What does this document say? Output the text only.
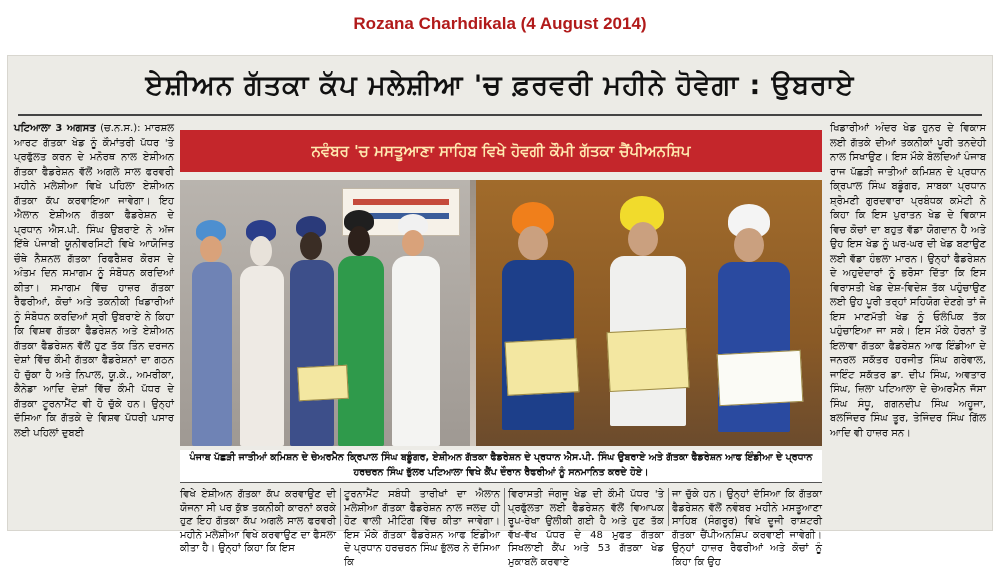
Rozana Charhdikala (4 August 2014)
ਏਸ਼ੀਅਨ ਗੱਤਕਾ ਕੱਪ ਮਲੇਸ਼ੀਆ 'ਚ ਫ਼ਰਵਰੀ ਮਹੀਨੇ ਹੋਵੇਗਾ : ਉਬਰਾਏ
ਪਟਿਆਲਾ 3 ਅਗਸਤ (ਚ.ਨ.ਸ.): ਮਾਰਸ਼ਲ ਆਰਟ ਗੱਤਕਾ ਖੇਡ ਨੂੰ ਕੌਮਾਂਤਰੀ ਪੱਧਰ 'ਤੇ ਪ੍ਰਫੁੱਲਤ ਕਰਨ ਦੇ ਮਨੋਰਥ ਨਾਲ ਏਸ਼ੀਅਨ ਗੱਤਕਾ ਫੈਡਰੇਸ਼ਨ ਵੱਲੋਂ ਅਗਲੇ ਸਾਲ ਫਰਵਰੀ ਮਹੀਨੇ ਮਲੇਸ਼ੀਆ ਵਿਖੇ ਪਹਿਲਾ ਏਸ਼ੀਅਨ ਗੱਤਕਾ ਕੱਪ ਕਰਵਾਇਆ ਜਾਵੇਗਾ। ਇਹ ਐਲਾਨ ਏਸ਼ੀਅਨ ਗੱਤਕਾ ਫੈਡਰੇਸ਼ਨ ਦੇ ਪ੍ਰਧਾਨ ਐਸ.ਪੀ. ਸਿੰਘ ਉਬਰਾਏ ਨੇ ਅੱਜ ਇੱਥੇ ਪੰਜਾਬੀ ਯੂਨੀਵਰਸਿਟੀ ਵਿਖੇ ਆਯੋਜਿਤ ਚੌਥੇ ਨੈਸ਼ਨਲ ਗੱਤਕਾ ਰਿਫਰੈਸ਼ਰ ਕੋਰਸ ਦੇ ਅੰਤਮ ਦਿਨ ਸਮਾਗਮ ਨੂੰ ਸੰਬੋਧਨ ਕਰਦਿਆਂ ਕੀਤਾ। ਸਮਾਗਮ ਵਿੱਚ ਹਾਜ਼ਰ ਗੱਤਕਾ ਰੈਫਰੀਆਂ, ਕੋਚਾਂ ਅਤੇ ਤਕਨੀਕੀ ਖਿਡਾਰੀਆਂ ਨੂੰ ਸੰਬੋਧਨ ਕਰਦਿਆਂ ਸ੍ਰੀ ਉਬਰਾਏ ਨੇ ਕਿਹਾ ਕਿ ਵਿਸ਼ਵ ਗੱਤਕਾ ਫੈਡਰੇਸ਼ਨ ਅਤੇ ਏਸ਼ੀਅਨ ਗੱਤਕਾ ਫੈਡਰੇਸ਼ਨ ਵੱਲੋਂ ਹੁਣ ਤੱਕ ਤਿੰਨ ਦਰਜਨ ਦੇਸ਼ਾਂ ਵਿੱਚ ਕੌਮੀ ਗੱਤਕਾ ਫੈਡਰੇਸ਼ਨਾਂ ਦਾ ਗਠਨ ਹੋ ਚੁੱਕਾ ਹੈ ਅਤੇ ਨਿਪਾਲ, ਯੂ.ਕੇ., ਅਮਰੀਕਾ, ਕੈਨੇਡਾ ਆਦਿ ਦੇਸ਼ਾਂ ਵਿੱਚ ਕੌਮੀ ਪੱਧਰ ਦੇ ਗੱਤਕਾ ਟੂਰਨਾਮੈਂਟ ਵੀ ਹੋ ਚੁੱਕੇ ਹਨ। ਉਨ੍ਹਾਂ ਦੱਸਿਆ ਕਿ ਗੱਤਕੇ ਦੇ ਵਿਸ਼ਵ ਪੱਧਰੀ ਪਸਾਰ ਲਈ ਪਹਿਲਾਂ ਦੁਬਈ
ਨਵੰਬਰ 'ਚ ਮਸਤੂਆਣਾ ਸਾਹਿਬ ਵਿਖੇ ਹੋਵਗੀ ਕੌਮੀ ਗੱਤਕਾ ਚੈਂਪੀਅਨਸ਼ਿਪ
ਪੰਜਾਬ ਪੱਛੜੀ ਜਾਤੀਆਂ ਕਮਿਸ਼ਨ ਦੇ ਚੇਅਰਮੈਨ ਕ੍ਰਿਪਾਲ ਸਿੰਘ ਬਡੂੰਗਰ, ਏਸ਼ੀਅਨ ਗੱਤਕਾ ਫੈਡਰੇਸ਼ਨ ਦੇ ਪ੍ਰਧਾਨ ਐਸ.ਪੀ. ਸਿੰਘ ਉਬਰਾਏ ਅਤੇ ਗੱਤਕਾ ਫੈਡਰੇਸ਼ਨ ਆਫ ਇੰਡੀਆ ਦੇ ਪ੍ਰਧਾਨ ਹਰਚਰਨ ਸਿੰਘ ਭੁੱਲਰ ਪਟਿਆਲਾ ਵਿਖੇ ਕੈਂਪ ਦੌਰਾਨ ਰੈਫਰੀਆਂ ਨੂੰ ਸਨਮਾਨਿਤ ਕਰਦੇ ਹੋਏ।
ਵਿਖੇ ਏਸ਼ੀਅਨ ਗੱਤਕਾ ਕੱਪ ਕਰਵਾਉਣ ਦੀ ਯੋਜਨਾ ਸੀ ਪਰ ਕੁੱਝ ਤਕਨੀਕੀ ਕਾਰਨਾਂ ਕਰਕੇ ਹੁਣ ਇਹ ਗੱਤਕਾ ਕੱਪ ਅਗਲੇ ਸਾਲ ਫਰਵਰੀ ਮਹੀਨੇ ਮਲੇਸ਼ੀਆ ਵਿਖੇ ਕਰਵਾਉਣ ਦਾ ਫੈਸਲਾ ਕੀਤਾ ਹੈ। ਉਨ੍ਹਾਂ ਕਿਹਾ ਕਿ ਇਸ
ਟੂਰਨਾਮੈਂਟ ਸਬੰਧੀ ਤਾਰੀਖਾਂ ਦਾ ਐਲਾਨ ਮਲੇਸ਼ੀਆ ਗੱਤਕਾ ਫੈਡਰੇਸ਼ਨ ਨਾਲ ਜਲਦ ਹੀ ਹੋਣ ਵਾਲੀ ਮੀਟਿੰਗ ਵਿੱਚ ਕੀਤਾ ਜਾਵੇਗਾ। ਇਸ ਮੌਕੇ ਗੱਤਕਾ ਫੈਡਰੇਸ਼ਨ ਆਫ ਇੰਡੀਆ ਦੇ ਪ੍ਰਧਾਨ ਹਰਚਰਨ ਸਿੰਘ ਭੁੱਲਰ ਨੇ ਦੱਸਿਆ ਕਿ
ਵਿਰਾਸਤੀ ਜੰਗਜੂ ਖੇਡ ਦੀ ਕੌਮੀ ਪੱਧਰ 'ਤੇ ਪ੍ਰਫੁੱਲਤਾ ਲਈ ਫੈਡਰੇਸ਼ਨ ਵੱਲੋਂ ਵਿਆਪਕ ਰੂਪ-ਰੇਖਾ ਉਲੀਕੀ ਗਈ ਹੈ ਅਤੇ ਹੁਣ ਤੱਕ ਵੱਖ-ਵੱਖ ਪੱਧਰ ਦੇ 48 ਮੁਫਤ ਗੱਤਕਾ ਸਿਖਲਾਈ ਕੈਂਪ ਅਤੇ 53 ਗੱਤਕਾ ਖੇਡ ਮੁਕਾਬਲੇ ਕਰਵਾਏ
ਜਾ ਚੁੱਕੇ ਹਨ। ਉਨ੍ਹਾਂ ਦੱਸਿਆ ਕਿ ਗੱਤਕਾ ਫੈਡਰੇਸ਼ਨ ਵੱਲੋਂ ਨਵੰਬਰ ਮਹੀਨੇ ਮਸਤੂਆਣਾ ਸਾਹਿਬ (ਸੰਗਰੂਰ) ਵਿਖੇ ਦੂਜੀ ਰਾਸ਼ਟਰੀ ਗੱਤਕਾ ਚੈਂਪੀਅਨਸ਼ਿਪ ਕਰਵਾਈ ਜਾਵੇਗੀ। ਉਨ੍ਹਾਂ ਹਾਜ਼ਰ ਰੈਫਰੀਆਂ ਅਤੇ ਕੋਚਾਂ ਨੂੰ ਕਿਹਾ ਕਿ ਉਹ
ਖਿਡਾਰੀਆਂ ਅੰਦਰ ਖੇਡ ਹੁਨਰ ਦੇ ਵਿਕਾਸ ਲਈ ਗੱਤਕੇ ਦੀਆਂ ਤਕਨੀਕਾਂ ਪੂਰੀ ਤਨਦੇਹੀ ਨਾਲ ਸਿਖਾਉਣ। ਇਸ ਮੌਕੇ ਬੋਲਦਿਆਂ ਪੰਜਾਬ ਰਾਜ ਪੱਛੜੀ ਜਾਤੀਆਂ ਕਮਿਸ਼ਨ ਦੇ ਪ੍ਰਧਾਨ ਕ੍ਰਿਪਾਲ ਸਿੰਘ ਬਡੂੰਗਰ, ਸਾਬਕਾ ਪ੍ਰਧਾਨ ਸ਼੍ਰੋਮਣੀ ਗੁਰਦਵਾਰਾ ਪ੍ਰਬੰਧਕ ਕਮੇਟੀ ਨੇ ਕਿਹਾ ਕਿ ਇਸ ਪੁਰਾਤਨ ਖੇਡ ਦੇ ਵਿਕਾਸ ਵਿਚ ਕੋਚਾਂ ਦਾ ਬਹੁਤ ਵੱਡਾ ਯੋਗਦਾਨ ਹੈ ਅਤੇ ਉਹ ਇਸ ਖੇਡ ਨੂੰ ਘਰ-ਘਰ ਦੀ ਖੇਡ ਬਣਾਉਣ ਲਈ ਵੱਡਾ ਹੰਭਲਾ ਮਾਰਨ। ਉਨ੍ਹਾਂ ਫੈਡਰੇਸ਼ਨ ਦੇ ਅਹੁਦੇਦਾਰਾਂ ਨੂੰ ਭਰੋਸਾ ਦਿੱਤਾ ਕਿ ਇਸ ਵਿਰਾਸਤੀ ਖੇਡ ਦੇਸ਼-ਵਿਦੇਸ਼ ਤੱਕ ਪਹੁੰਚਾਉਣ ਲਈ ਉਹ ਪੂਰੀ ਤਰ੍ਹਾਂ ਸਹਿਯੋਗ ਦੇਣਗੇ ਤਾਂ ਜੋ ਇਸ ਮਾਣਮੱਤੀ ਖੇਡ ਨੂੰ ਓਲੰਪਿਕ ਤੱਕ ਪਹੁੰਚਾਇਆ ਜਾ ਸਕੇ। ਇਸ ਮੌਕੇ ਹੋਰਨਾਂ ਤੋਂ ਇਲਾਵਾ ਗੱਤਕਾ ਫੈਡਰੇਸ਼ਨ ਆਫ ਇੰਡੀਆ ਦੇ ਜਨਰਲ ਸਕੱਤਰ ਹਰਜੀਤ ਸਿੰਘ ਗਰੇਵਾਲ, ਜਾਇੰਟ ਸਕੱਤਰ ਡਾ. ਦੀਪ ਸਿੰਘ, ਅਵਤਾਰ ਸਿੰਘ, ਜ਼ਿਲਾ ਪਟਿਆਲਾ ਦੇ ਚੇਅਰਮੈਨ ਜੱਸਾ ਸਿੰਘ ਸੰਧੂ, ਗਗਨਦੀਪ ਸਿੰਘ ਅਹੂਜਾ, ਬਲਜਿੰਦਰ ਸਿੰਘ ਤੂਰ, ਤੇਜਿੰਦਰ ਸਿੰਘ ਗਿੱਲ ਆਦਿ ਵੀ ਹਾਜ਼ਰ ਸਨ।
